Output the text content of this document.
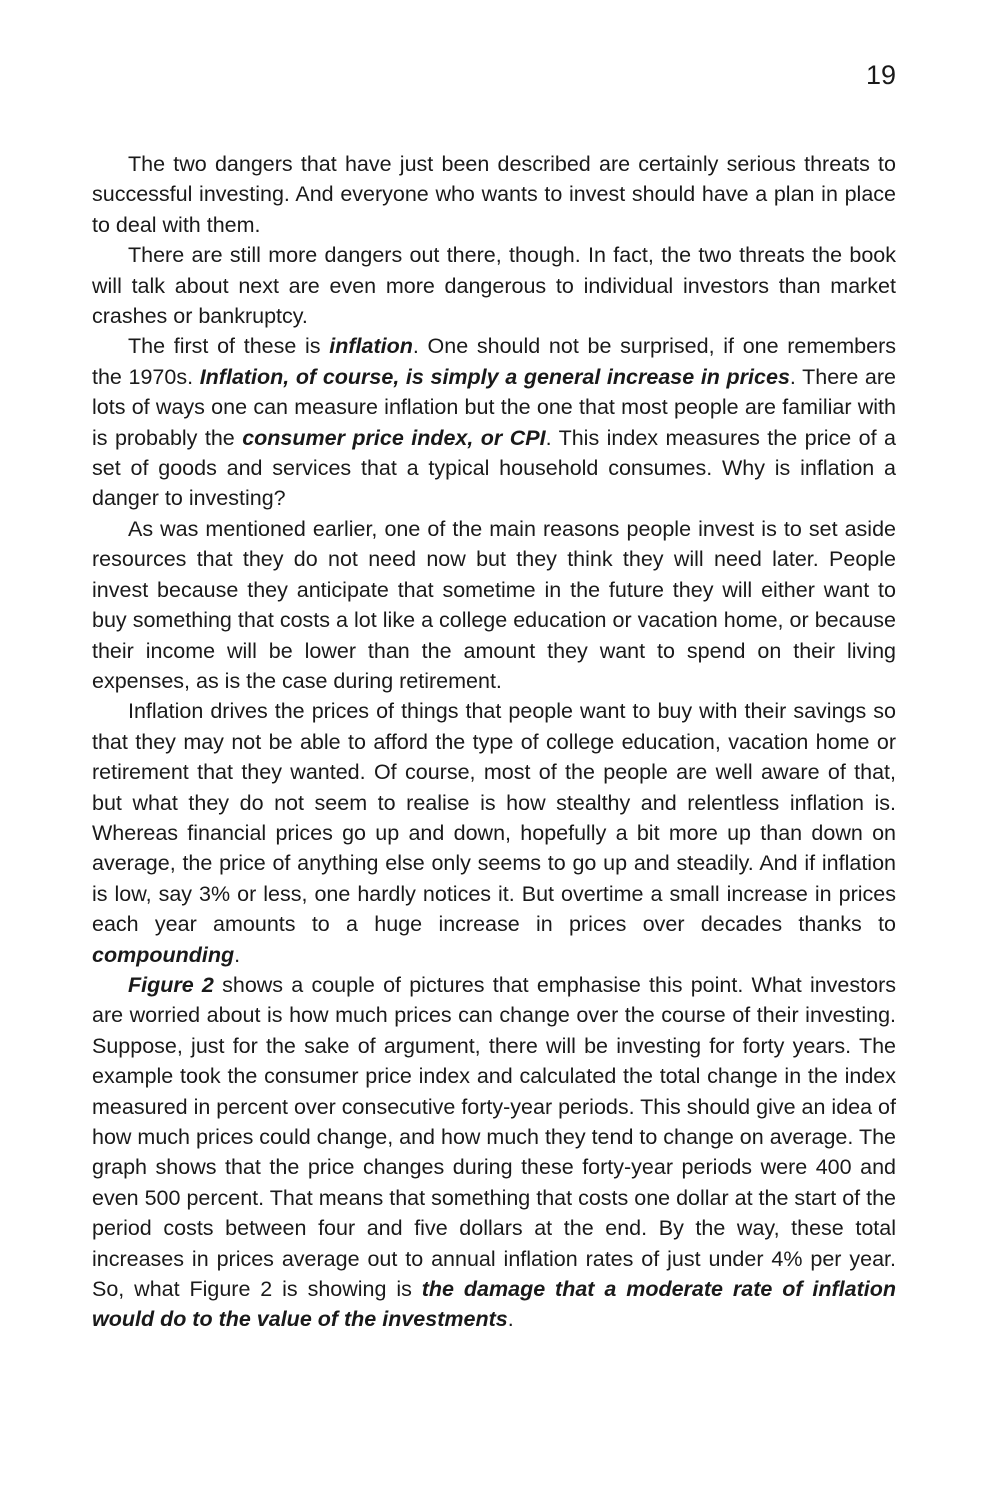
19

The two dangers that have just been described are certainly serious threats to successful investing. And everyone who wants to invest should have a plan in place to deal with them.

There are still more dangers out there, though. In fact, the two threats the book will talk about next are even more dangerous to individual investors than market crashes or bankruptcy.

The first of these is inflation. One should not be surprised, if one remembers the 1970s. Inflation, of course, is simply a general increase in prices. There are lots of ways one can measure inflation but the one that most people are familiar with is probably the consumer price index, or CPI. This index measures the price of a set of goods and services that a typical household consumes. Why is inflation a danger to investing?

As was mentioned earlier, one of the main reasons people invest is to set aside resources that they do not need now but they think they will need later. People invest because they anticipate that sometime in the future they will either want to buy something that costs a lot like a college education or vacation home, or because their income will be lower than the amount they want to spend on their living expenses, as is the case during retirement.

Inflation drives the prices of things that people want to buy with their savings so that they may not be able to afford the type of college education, vacation home or retirement that they wanted. Of course, most of the people are well aware of that, but what they do not seem to realise is how stealthy and relentless inflation is. Whereas financial prices go up and down, hopefully a bit more up than down on average, the price of anything else only seems to go up and steadily. And if inflation is low, say 3% or less, one hardly notices it. But overtime a small increase in prices each year amounts to a huge increase in prices over decades thanks to compounding.

Figure 2 shows a couple of pictures that emphasise this point. What investors are worried about is how much prices can change over the course of their investing. Suppose, just for the sake of argument, there will be investing for forty years. The example took the consumer price index and calculated the total change in the index measured in percent over consecutive forty-year periods. This should give an idea of how much prices could change, and how much they tend to change on average. The graph shows that the price changes during these forty-year periods were 400 and even 500 percent. That means that something that costs one dollar at the start of the period costs between four and five dollars at the end. By the way, these total increases in prices average out to annual inflation rates of just under 4% per year. So, what Figure 2 is showing is the damage that a moderate rate of inflation would do to the value of the investments.
